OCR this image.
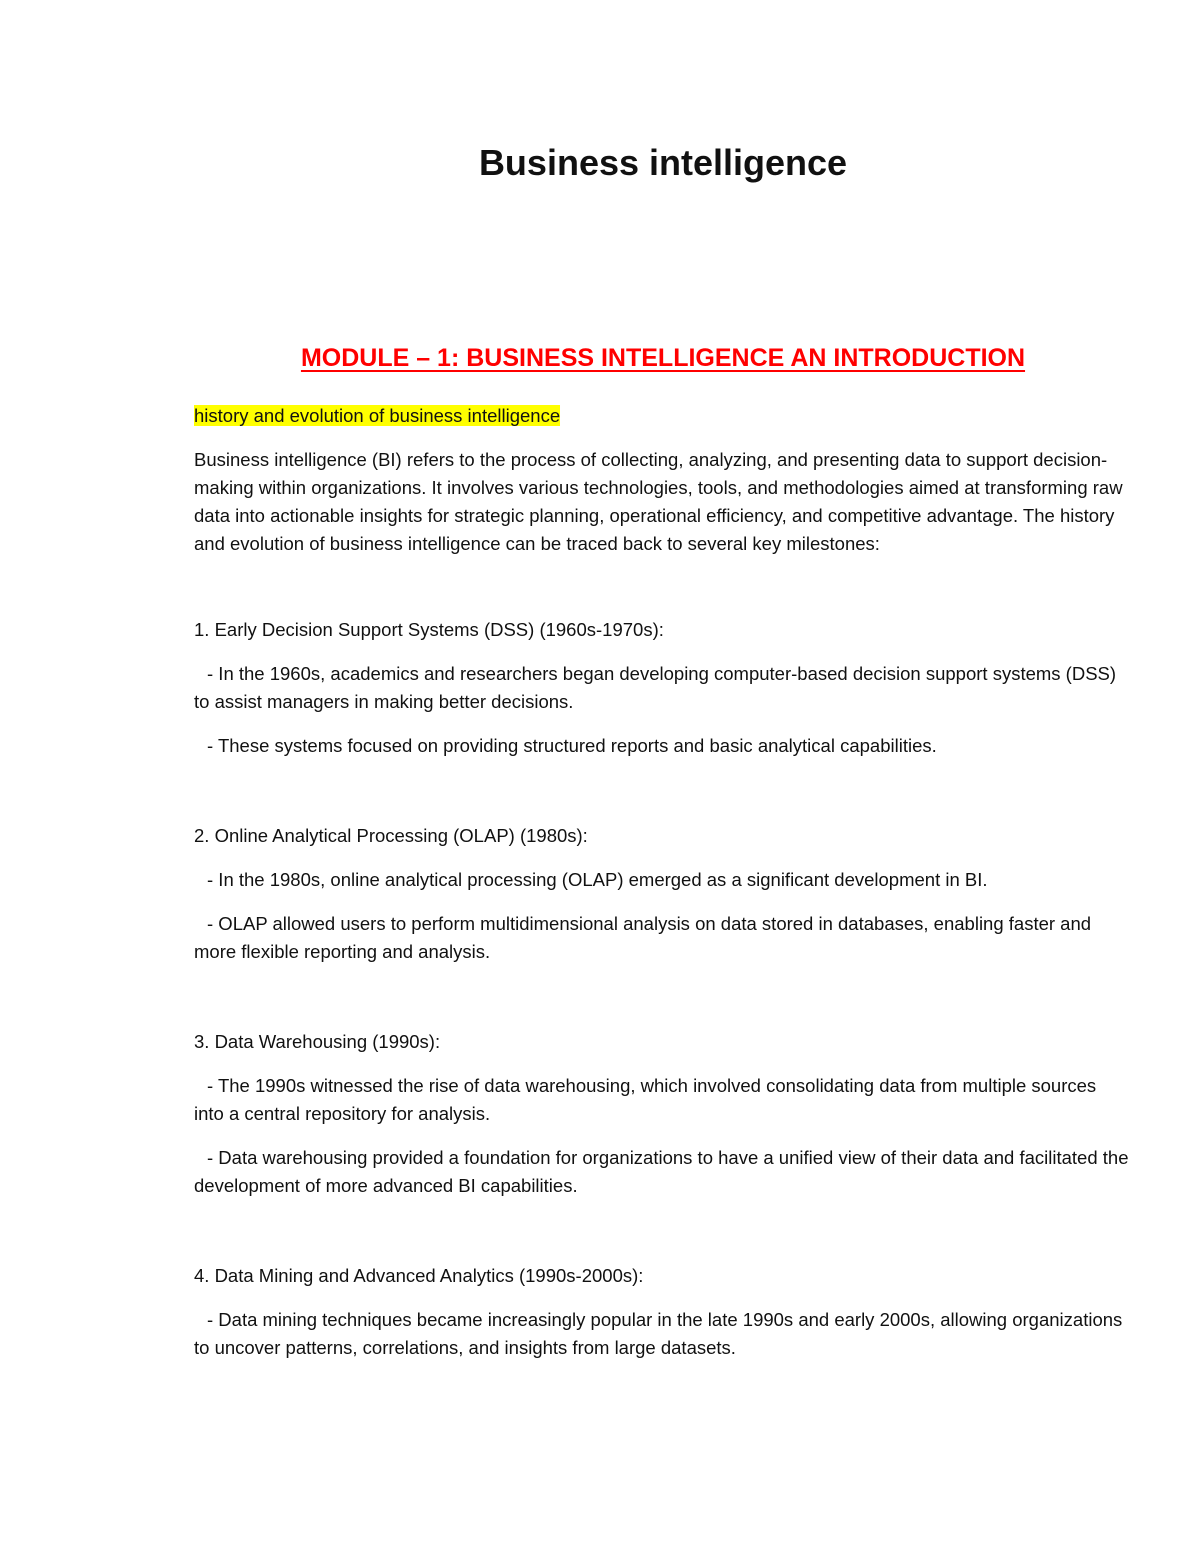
Business intelligence
MODULE – 1: BUSINESS INTELLIGENCE AN INTRODUCTION

history and evolution of business intelligence

Business intelligence (BI) refers to the process of collecting, analyzing, and presenting data to support decision-making within organizations. It involves various technologies, tools, and methodologies aimed at transforming raw data into actionable insights for strategic planning, operational efficiency, and competitive advantage. The history and evolution of business intelligence can be traced back to several key milestones:

1. Early Decision Support Systems (DSS) (1960s-1970s):

- In the 1960s, academics and researchers began developing computer-based decision support systems (DSS) to assist managers in making better decisions.

- These systems focused on providing structured reports and basic analytical capabilities.

2. Online Analytical Processing (OLAP) (1980s):

- In the 1980s, online analytical processing (OLAP) emerged as a significant development in BI.

- OLAP allowed users to perform multidimensional analysis on data stored in databases, enabling faster and more flexible reporting and analysis.

3. Data Warehousing (1990s):

- The 1990s witnessed the rise of data warehousing, which involved consolidating data from multiple sources into a central repository for analysis.

- Data warehousing provided a foundation for organizations to have a unified view of their data and facilitated the development of more advanced BI capabilities.

4. Data Mining and Advanced Analytics (1990s-2000s):

- Data mining techniques became increasingly popular in the late 1990s and early 2000s, allowing organizations to uncover patterns, correlations, and insights from large datasets.
